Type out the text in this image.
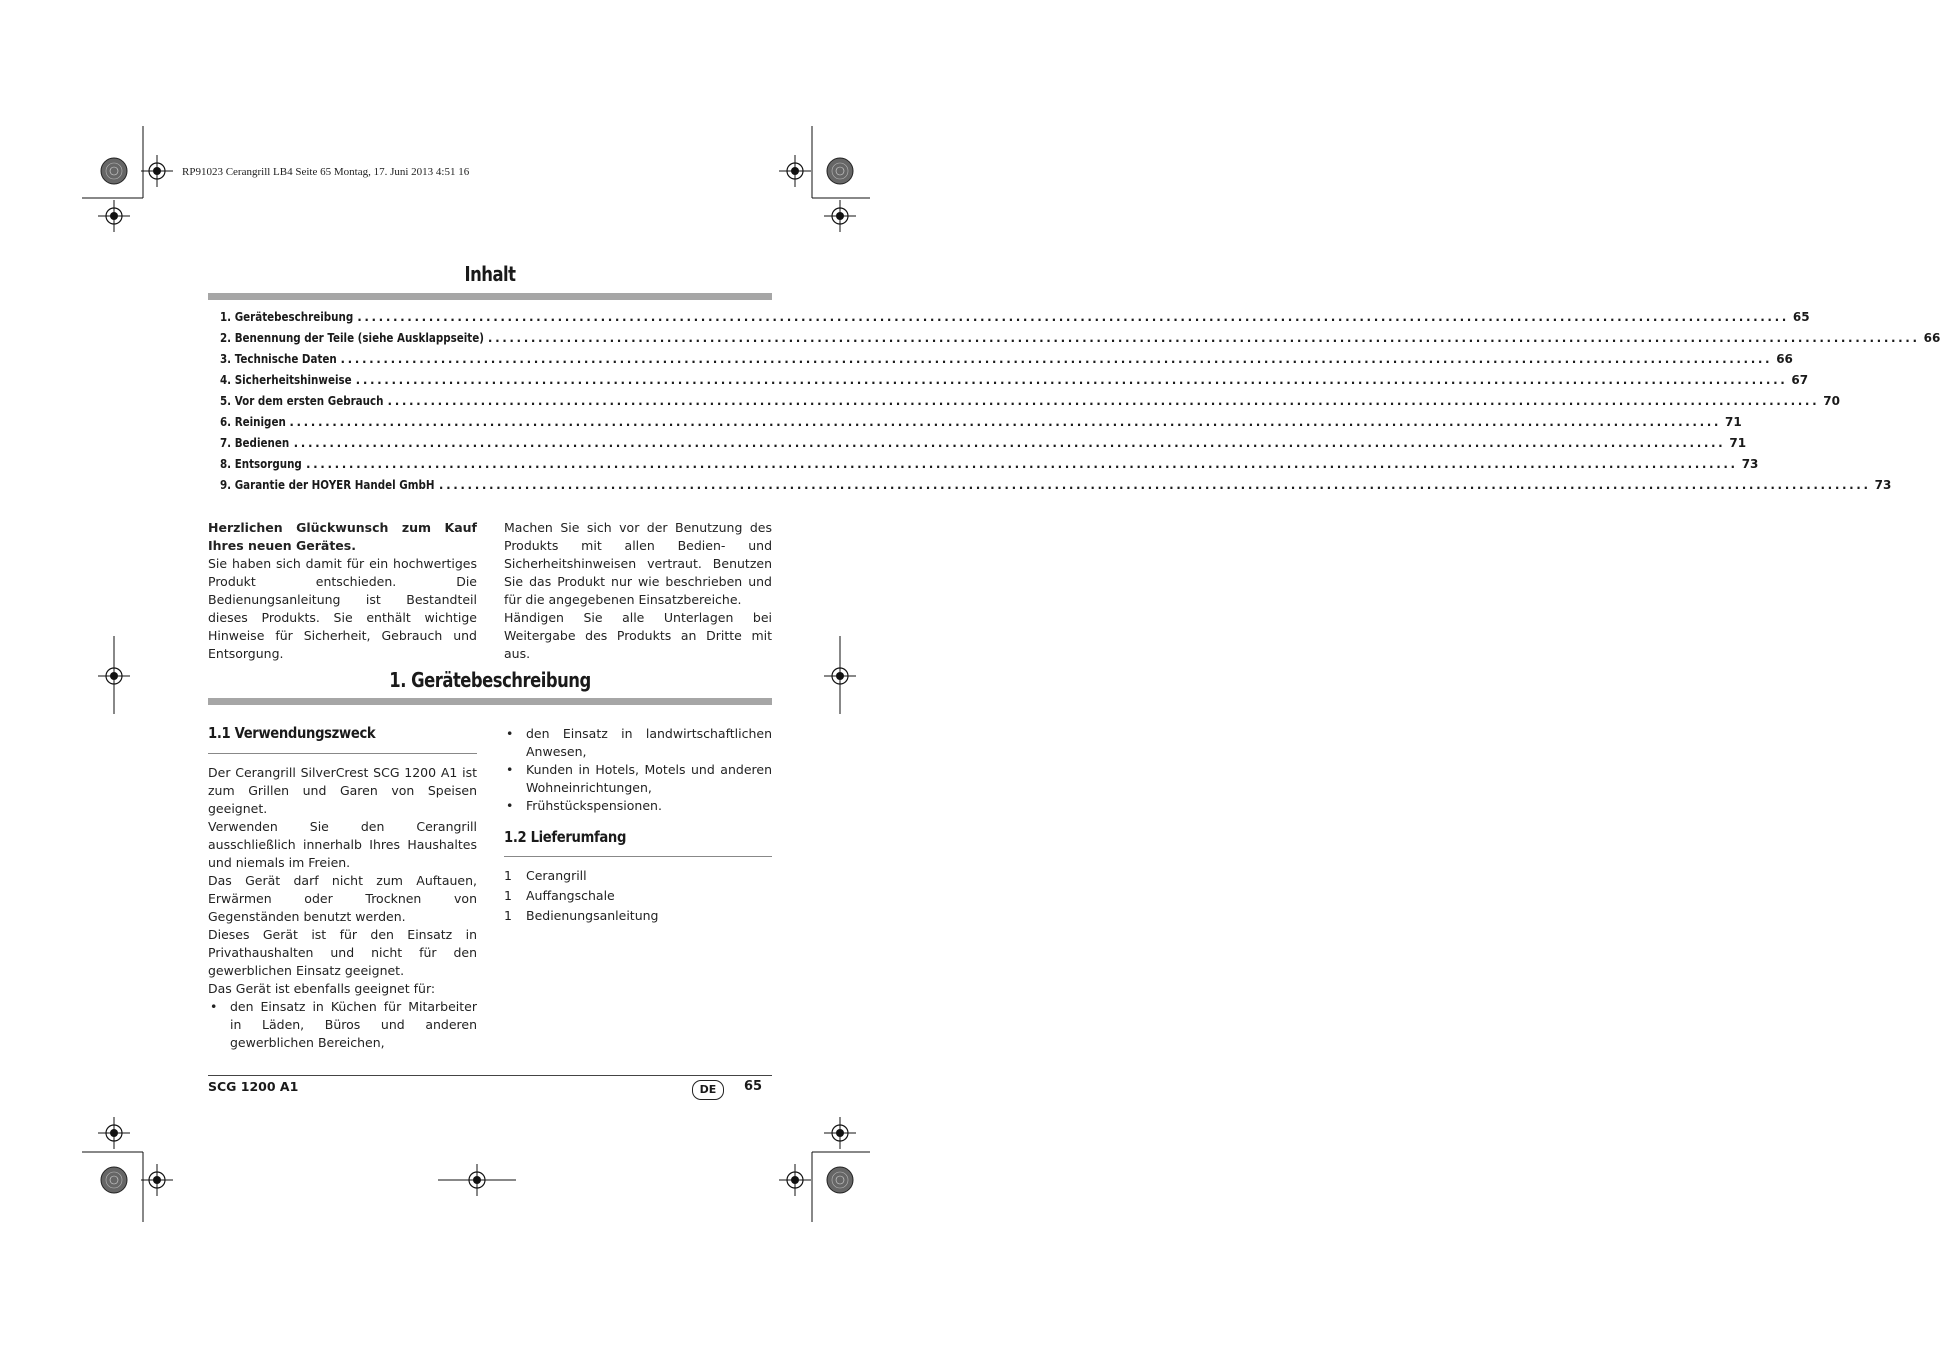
RP91023 Cerangrill LB4 Seite 65 Montag, 17. Juni 2013 4:51 16
Inhalt
1. Gerätebeschreibung ........................................................................................................................................................................................................ 65
2. Benennung der Teile (siehe Ausklappseite) ........................................................................................................................................................................................................ 66
3. Technische Daten ........................................................................................................................................................................................................ 66
4. Sicherheitshinweise ........................................................................................................................................................................................................ 67
5. Vor dem ersten Gebrauch ........................................................................................................................................................................................................ 70
6. Reinigen ........................................................................................................................................................................................................ 71
7. Bedienen ........................................................................................................................................................................................................ 71
8. Entsorgung ........................................................................................................................................................................................................ 73
9. Garantie der HOYER Handel GmbH ........................................................................................................................................................................................................ 73

Herzlichen Glückwunsch zum Kauf Ihres neuen Gerätes.

Sie haben sich damit für ein hochwertiges Produkt entschieden. Die Bedienungsanleitung ist Bestandteil dieses Produkts. Sie enthält wichtige Hinweise für Sicherheit, Gebrauch und Entsorgung.

Machen Sie sich vor der Benutzung des Produkts mit allen Bedien- und Sicherheitshinweisen vertraut. Benutzen Sie das Produkt nur wie beschrieben und für die angegebenen Einsatzbereiche.

Händigen Sie alle Unterlagen bei Weitergabe des Produkts an Dritte mit aus.

1. Gerätebeschreibung
1.1 Verwendungszweck

Der Cerangrill SilverCrest SCG 1200 A1 ist zum Grillen und Garen von Speisen geeignet.

Verwenden Sie den Cerangrill ausschließlich innerhalb Ihres Haushaltes und niemals im Freien.

Das Gerät darf nicht zum Auftauen, Erwärmen oder Trocknen von Gegenständen benutzt werden.

Dieses Gerät ist für den Einsatz in Privathaushalten und nicht für den gewerblichen Einsatz geeignet.

Das Gerät ist ebenfalls geeignet für:

• den Einsatz in Küchen für Mitarbeiter in Läden, Büros und anderen gewerblichen Bereichen,
• den Einsatz in landwirtschaftlichen Anwesen,
• Kunden in Hotels, Motels und anderen Wohneinrichtungen,
• Frühstückspensionen.
1.2 Lieferumfang
1	Cerangrill
1	Auffangschale
1	Bedienungsanleitung
SCG 1200 A1	DE	65
